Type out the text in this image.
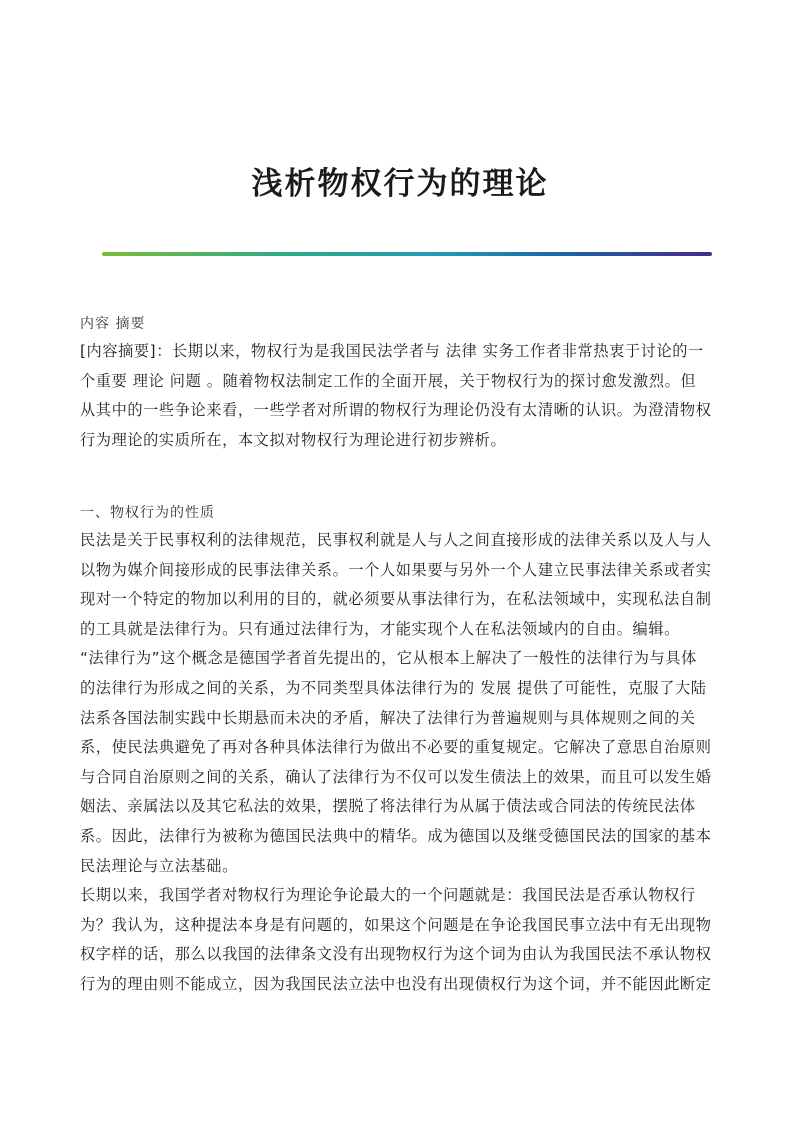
浅析物权行为的理论
内容 摘要
[内容摘要]：长期以来，物权行为是我国民法学者与 法律 实务工作者非常热衷于讨论的一
个重要 理论 问题 。随着物权法制定工作的全面开展，关于物权行为的探讨愈发激烈。但
从其中的一些争论来看，一些学者对所谓的物权行为理论仍没有太清晰的认识。为澄清物权
行为理论的实质所在，本文拟对物权行为理论进行初步辨析。
一、物权行为的性质
民法是关于民事权利的法律规范，民事权利就是人与人之间直接形成的法律关系以及人与人
以物为媒介间接形成的民事法律关系。一个人如果要与另外一个人建立民事法律关系或者实
现对一个特定的物加以利用的目的，就必须要从事法律行为，在私法领域中，实现私法自制
的工具就是法律行为。只有通过法律行为，才能实现个人在私法领域内的自由。编辑。
“法律行为”这个概念是德国学者首先提出的，它从根本上解决了一般性的法律行为与具体
的法律行为形成之间的关系，为不同类型具体法律行为的 发展 提供了可能性，克服了大陆
法系各国法制实践中长期悬而未决的矛盾，解决了法律行为普遍规则与具体规则之间的关
系，使民法典避免了再对各种具体法律行为做出不必要的重复规定。它解决了意思自治原则
与合同自治原则之间的关系，确认了法律行为不仅可以发生债法上的效果，而且可以发生婚
姻法、亲属法以及其它私法的效果，摆脱了将法律行为从属于债法或合同法的传统民法体
系。因此，法律行为被称为德国民法典中的精华。成为德国以及继受德国民法的国家的基本
民法理论与立法基础。
长期以来，我国学者对物权行为理论争论最大的一个问题就是：我国民法是否承认物权行
为？我认为，这种提法本身是有问题的，如果这个问题是在争论我国民事立法中有无出现物
权字样的话，那么以我国的法律条文没有出现物权行为这个词为由认为我国民法不承认物权
行为的理由则不能成立，因为我国民法立法中也没有出现债权行为这个词，并不能因此断定
